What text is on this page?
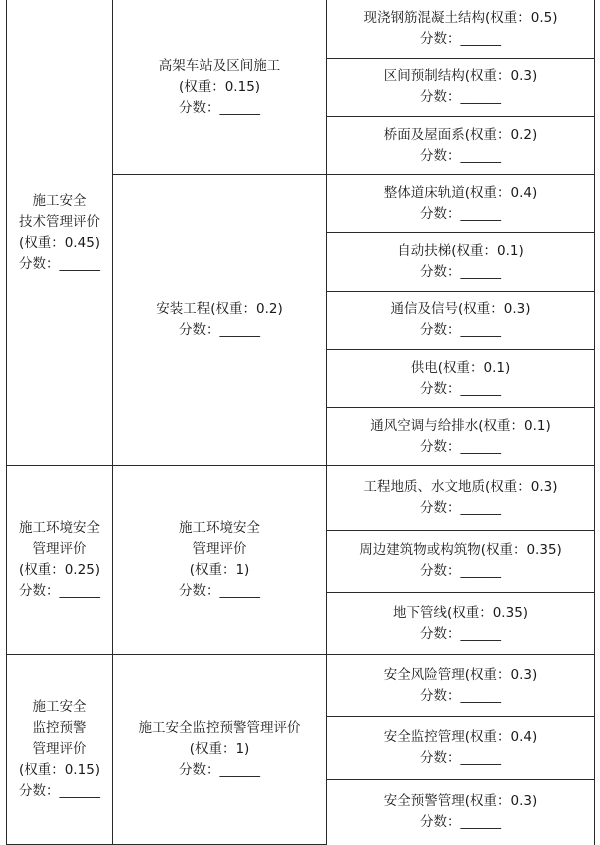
施工安全
技术管理评价
(权重：0.45)
分数：______	高架车站及区间施工
(权重：0.15)
分数：______	现浇钢筋混凝土结构(权重：0.5)
分数：______

		区间预制结构(权重：0.3)
分数：______

		桥面及屋面系(权重：0.2)
分数：______

	安装工程(权重：0.2)
分数：______	整体道床轨道(权重：0.4)
分数：______

		自动扶梯(权重：0.1)
分数：______

		通信及信号(权重：0.3)
分数：______

		供电(权重：0.1)
分数：______

		通风空调与给排水(权重：0.1)
分数：______

施工环境安全
管理评价
(权重：0.25)
分数：______	施工环境安全
管理评价
(权重：1)
分数：______	工程地质、水文地质(权重：0.3)
分数：______

		周边建筑物或构筑物(权重：0.35)
分数：______

		地下管线(权重：0.35)
分数：______

施工安全
监控预警
管理评价
(权重：0.15)
分数：______	施工安全监控预警管理评价
(权重：1)
分数：______	安全风险管理(权重：0.3)
分数：______

		安全监控管理(权重：0.4)
分数：______

		安全预警管理(权重：0.3)
分数：______
